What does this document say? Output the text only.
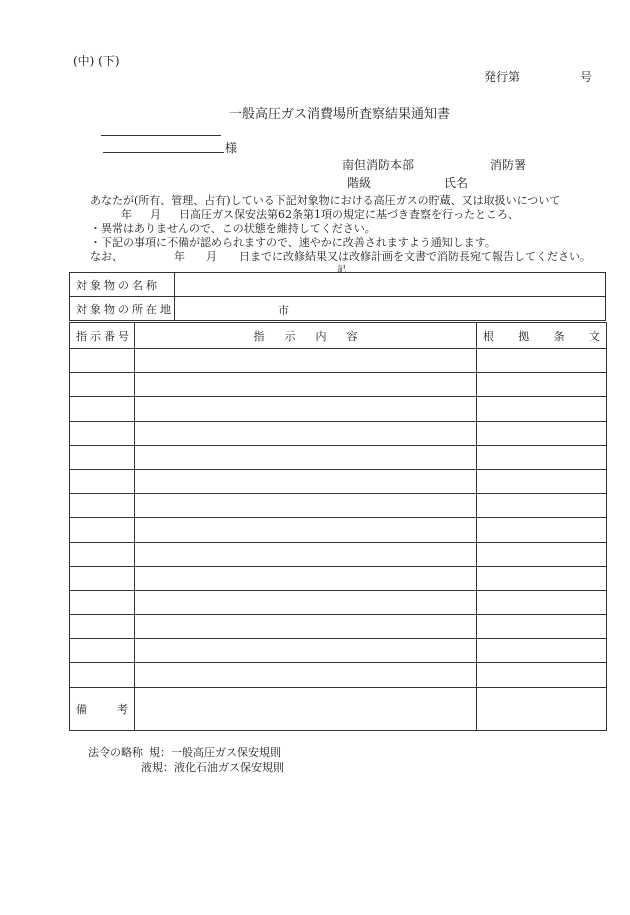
(中) (下)
発行第	号
一般高圧ガス消費場所査察結果通知書
様
南但消防本部	消防署
階級	氏名
あなたが(所有、管理、占有)している下記対象物における高圧ガスの貯蔵、又は取扱いについて
年 月 日高圧ガス保安法第62条第1項の規定に基づき査察を行ったところ、
・異常はありませんので、この状態を維持してください。
・下記の事項に不備が認められますので、速やかに改善されますよう通知します。
なお、	年 月 日までに改修結果又は改修計画を文書で消防長宛て報告してください。
記
対象物の名称	
対象物の所在地	市
指示番号	指 示 内 容	根 拠 条 文

備 考		

法令の略称 規：一般高圧ガス保安規則
液規：液化石油ガス保安規則
